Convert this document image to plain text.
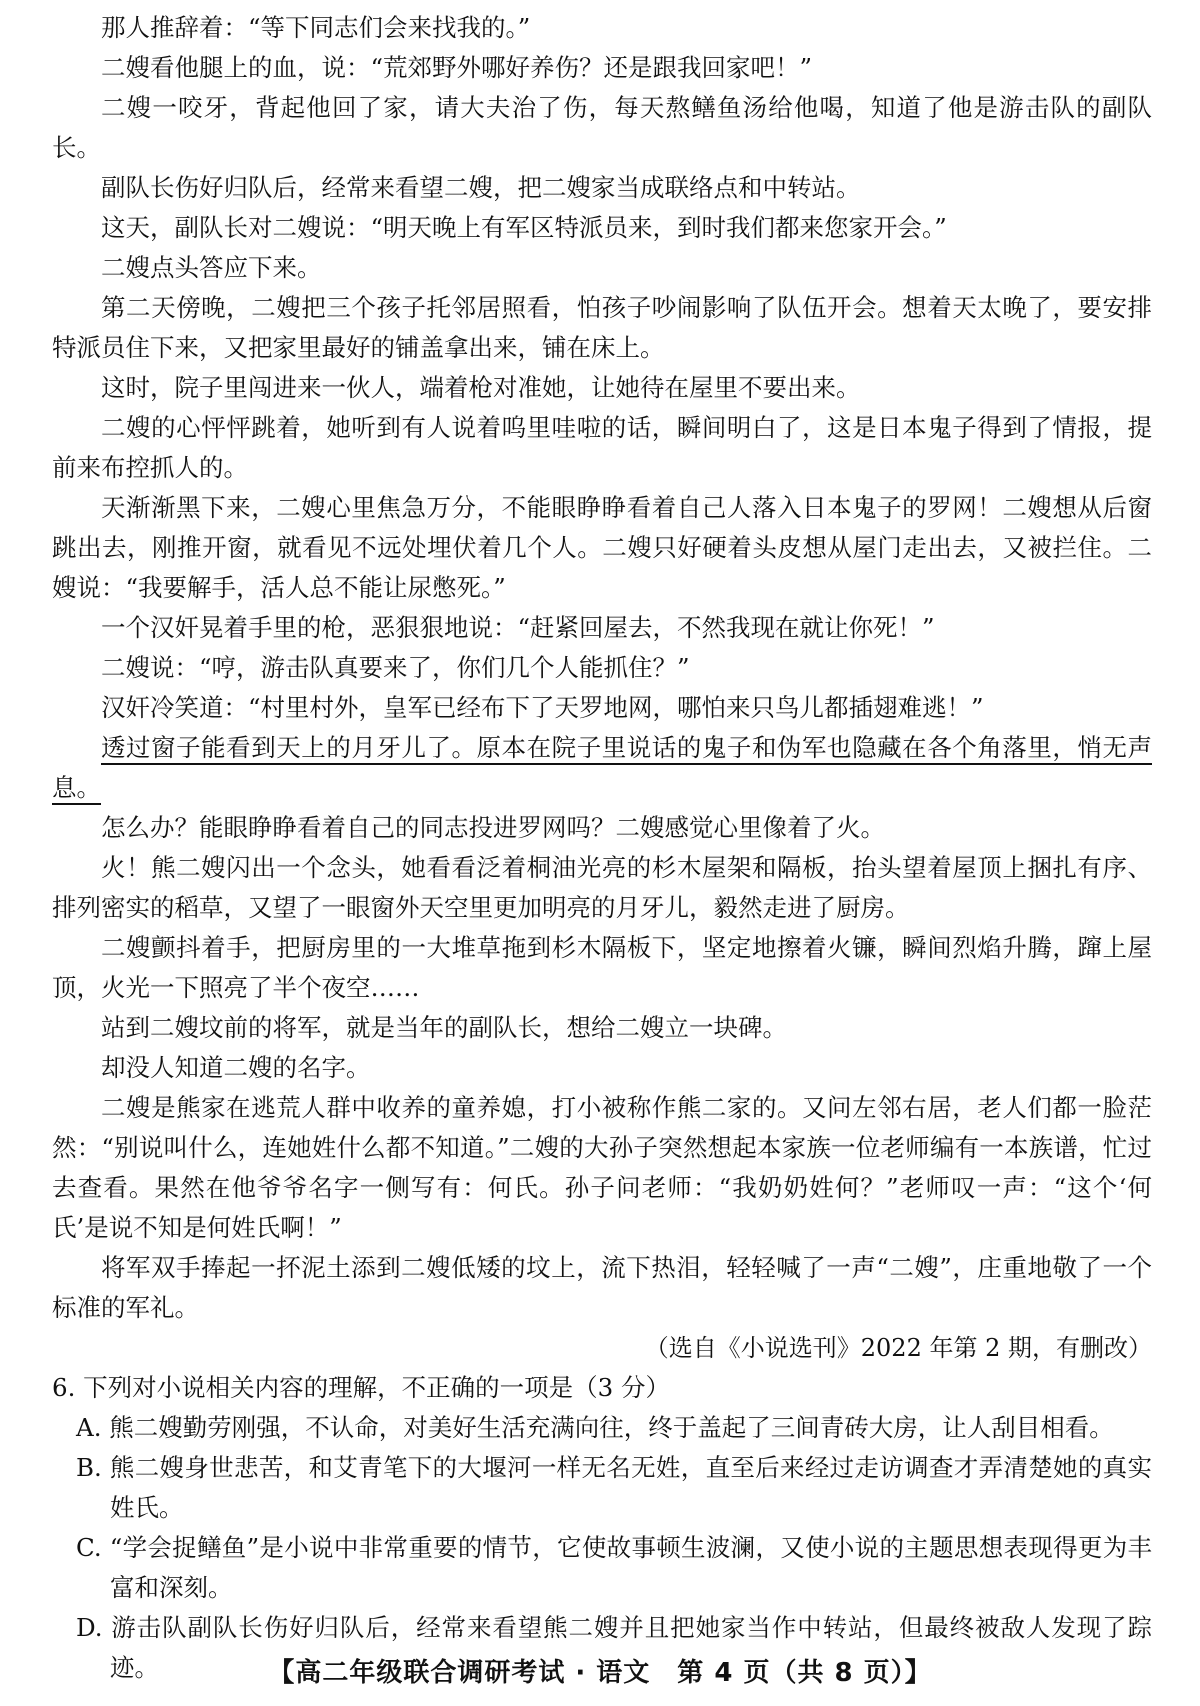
那人推辞着：“等下同志们会来找我的。”

二嫂看他腿上的血，说：“荒郊野外哪好养伤？还是跟我回家吧！”

二嫂一咬牙，背起他回了家，请大夫治了伤，每天熬鳝鱼汤给他喝，知道了他是游击队的副队长。

副队长伤好归队后，经常来看望二嫂，把二嫂家当成联络点和中转站。

这天，副队长对二嫂说：“明天晚上有军区特派员来，到时我们都来您家开会。”

二嫂点头答应下来。

第二天傍晚，二嫂把三个孩子托邻居照看，怕孩子吵闹影响了队伍开会。想着天太晚了，要安排特派员住下来，又把家里最好的铺盖拿出来，铺在床上。

这时，院子里闯进来一伙人，端着枪对准她，让她待在屋里不要出来。

二嫂的心怦怦跳着，她听到有人说着呜里哇啦的话，瞬间明白了，这是日本鬼子得到了情报，提前来布控抓人的。

天渐渐黑下来，二嫂心里焦急万分，不能眼睁睁看着自己人落入日本鬼子的罗网！二嫂想从后窗跳出去，刚推开窗，就看见不远处埋伏着几个人。二嫂只好硬着头皮想从屋门走出去，又被拦住。二嫂说：“我要解手，活人总不能让尿憋死。”

一个汉奸晃着手里的枪，恶狠狠地说：“赶紧回屋去，不然我现在就让你死！”

二嫂说：“哼，游击队真要来了，你们几个人能抓住？”

汉奸冷笑道：“村里村外，皇军已经布下了天罗地网，哪怕来只鸟儿都插翅难逃！”

透过窗子能看到天上的月牙儿了。原本在院子里说话的鬼子和伪军也隐藏在各个角落里，悄无声息。

怎么办？能眼睁睁看着自己的同志投进罗网吗？二嫂感觉心里像着了火。

火！熊二嫂闪出一个念头，她看看泛着桐油光亮的杉木屋架和隔板，抬头望着屋顶上捆扎有序、排列密实的稻草，又望了一眼窗外天空里更加明亮的月牙儿，毅然走进了厨房。

二嫂颤抖着手，把厨房里的一大堆草拖到杉木隔板下，坚定地擦着火镰，瞬间烈焰升腾，蹿上屋顶，火光一下照亮了半个夜空……

站到二嫂坟前的将军，就是当年的副队长，想给二嫂立一块碑。

却没人知道二嫂的名字。

二嫂是熊家在逃荒人群中收养的童养媳，打小被称作熊二家的。又问左邻右居，老人们都一脸茫然：“别说叫什么，连她姓什么都不知道。”二嫂的大孙子突然想起本家族一位老师编有一本族谱，忙过去查看。果然在他爷爷名字一侧写有：何氏。孙子问老师：“我奶奶姓何？”老师叹一声：“这个‘何氏’是说不知是何姓氏啊！”

将军双手捧起一抔泥土添到二嫂低矮的坟上，流下热泪，轻轻喊了一声“二嫂”，庄重地敬了一个标准的军礼。

（选自《小说选刊》2022 年第 2 期，有删改）

6. 下列对小说相关内容的理解，不正确的一项是（3 分）

A. 熊二嫂勤劳刚强，不认命，对美好生活充满向往，终于盖起了三间青砖大房，让人刮目相看。

B. 熊二嫂身世悲苦，和艾青笔下的大堰河一样无名无姓，直至后来经过走访调查才弄清楚她的真实姓氏。

C. “学会捉鳝鱼”是小说中非常重要的情节，它使故事顿生波澜，又使小说的主题思想表现得更为丰富和深刻。

D. 游击队副队长伤好归队后，经常来看望熊二嫂并且把她家当作中转站，但最终被敌人发现了踪迹。	【高二年级联合调研考试 · 语文　第 4 页（共 8 页）】
